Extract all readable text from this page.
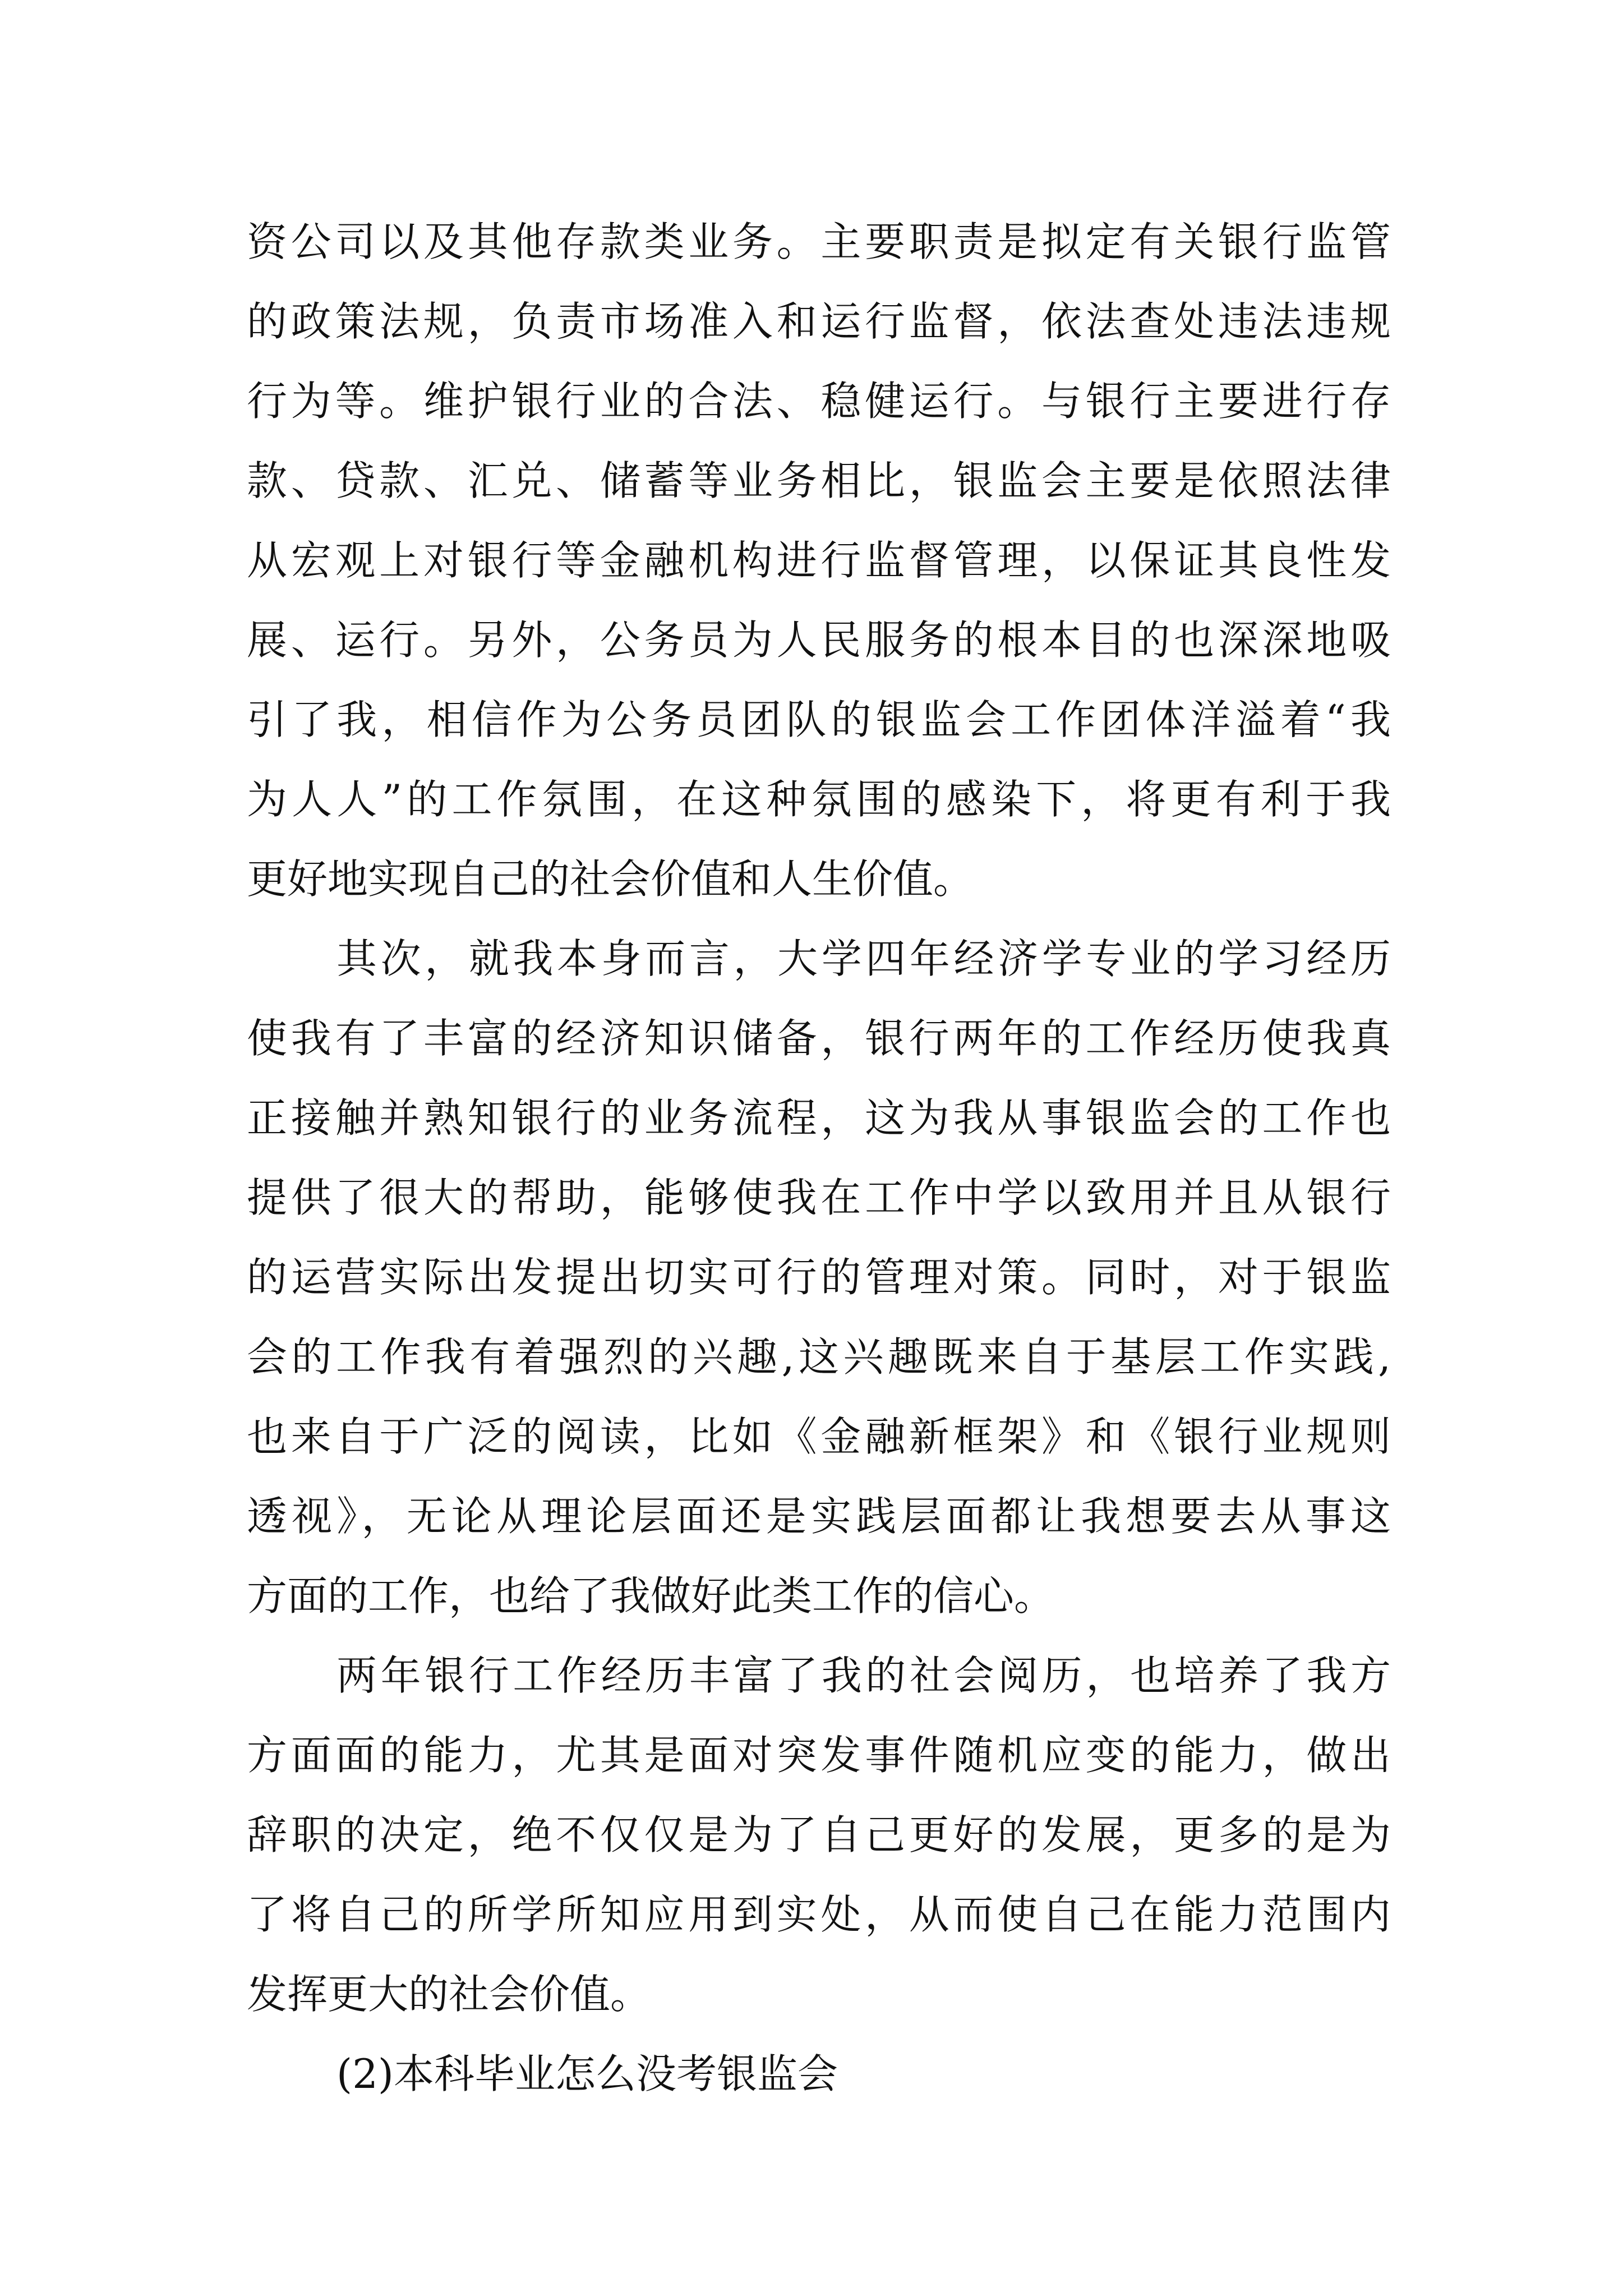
资公司以及其他存款类业务。主要职责是拟定有关银行监管
的政策法规，负责市场准入和运行监督，依法查处违法违规
行为等。维护银行业的合法、稳健运行。与银行主要进行存
款、贷款、汇兑、储蓄等业务相比，银监会主要是依照法律
从宏观上对银行等金融机构进行监督管理，以保证其良性发
展、运行。另外，公务员为人民服务的根本目的也深深地吸
引了我，相信作为公务员团队的银监会工作团体洋溢着“我
为人人”的工作氛围，在这种氛围的感染下，将更有利于我
更好地实现自己的社会价值和人生价值。
其次，就我本身而言，大学四年经济学专业的学习经历
使我有了丰富的经济知识储备，银行两年的工作经历使我真
正接触并熟知银行的业务流程，这为我从事银监会的工作也
提供了很大的帮助，能够使我在工作中学以致用并且从银行
的运营实际出发提出切实可行的管理对策。同时，对于银监
会的工作我有着强烈的兴趣,这兴趣既来自于基层工作实践,
也来自于广泛的阅读，比如《金融新框架》和《银行业规则
透视》，无论从理论层面还是实践层面都让我想要去从事这
方面的工作，也给了我做好此类工作的信心。
两年银行工作经历丰富了我的社会阅历，也培养了我方
方面面的能力，尤其是面对突发事件随机应变的能力，做出
辞职的决定，绝不仅仅是为了自己更好的发展，更多的是为
了将自己的所学所知应用到实处，从而使自己在能力范围内
发挥更大的社会价值。
(2)本科毕业怎么没考银监会
